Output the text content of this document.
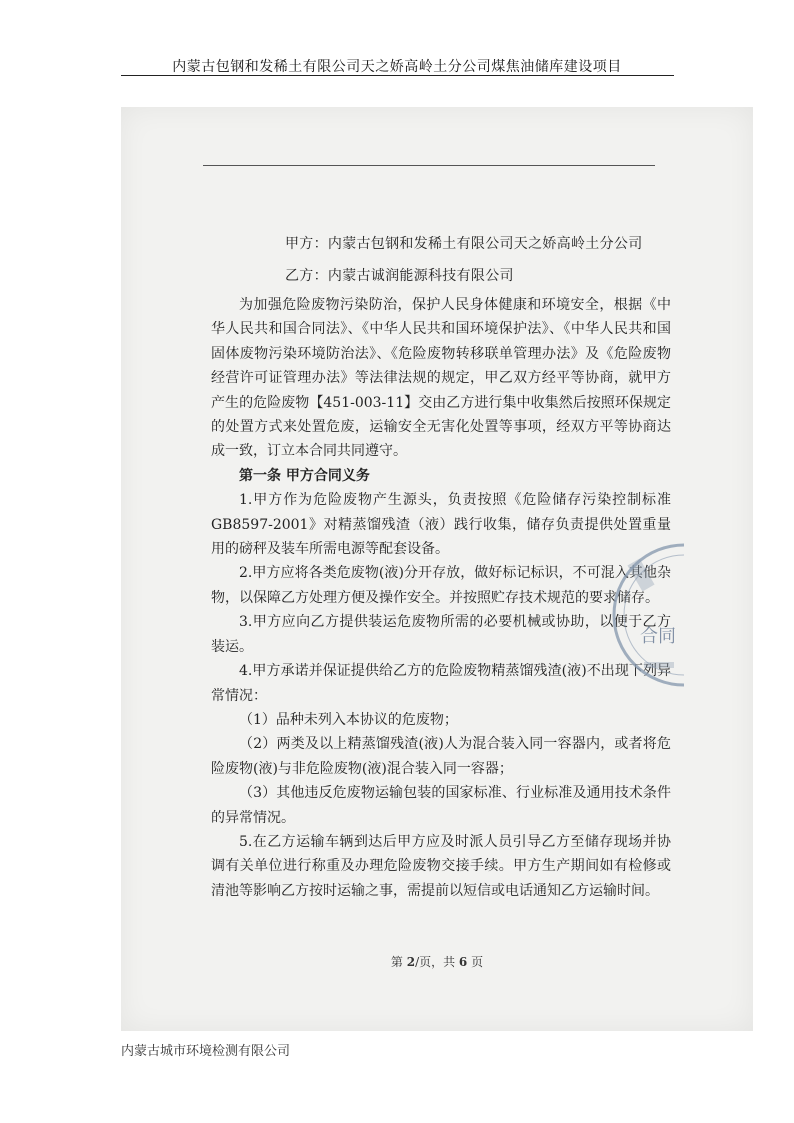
内蒙古包钢和发稀土有限公司天之娇高岭土分公司煤焦油储库建设项目
甲方：内蒙古包钢和发稀土有限公司天之娇高岭土分公司
乙方：内蒙古诚润能源科技有限公司

为加强危险废物污染防治，保护人民身体健康和环境安全，根据《中华人民共和国合同法》、《中华人民共和国环境保护法》、《中华人民共和国固体废物污染环境防治法》、《危险废物转移联单管理办法》及《危险废物经营许可证管理办法》等法律法规的规定，甲乙双方经平等协商，就甲方产生的危险废物【451-003-11】交由乙方进行集中收集然后按照环保规定的处置方式来处置危废，运输安全无害化处置等事项，经双方平等协商达成一致，订立本合同共同遵守。

第一条 甲方合同义务

1.甲方作为危险废物产生源头，负责按照《危险储存污染控制标准 GB8597-2001》对精蒸馏残渣（液）践行收集，储存负责提供处置重量用的磅秤及装车所需电源等配套设备。

2.甲方应将各类危废物(液)分开存放，做好标记标识，不可混入其他杂物，以保障乙方处理方便及操作安全。并按照贮存技术规范的要求储存。

3.甲方应向乙方提供装运危废物所需的必要机械或协助，以便于乙方装运。

4.甲方承诺并保证提供给乙方的危险废物精蒸馏残渣(液)不出现下列异常情况：

（1）品种未列入本协议的危废物；

（2）两类及以上精蒸馏残渣(液)人为混合装入同一容器内，或者将危险废物(液)与非危险废物(液)混合装入同一容器；

（3）其他违反危废物运输包装的国家标准、行业标准及通用技术条件的异常情况。

5.在乙方运输车辆到达后甲方应及时派人员引导乙方至储存现场并协调有关单位进行称重及办理危险废物交接手续。甲方生产期间如有检修或清池等影响乙方按时运输之事，需提前以短信或电话通知乙方运输时间。

第 2/页，共 6 页
合同
内蒙古城市环境检测有限公司
